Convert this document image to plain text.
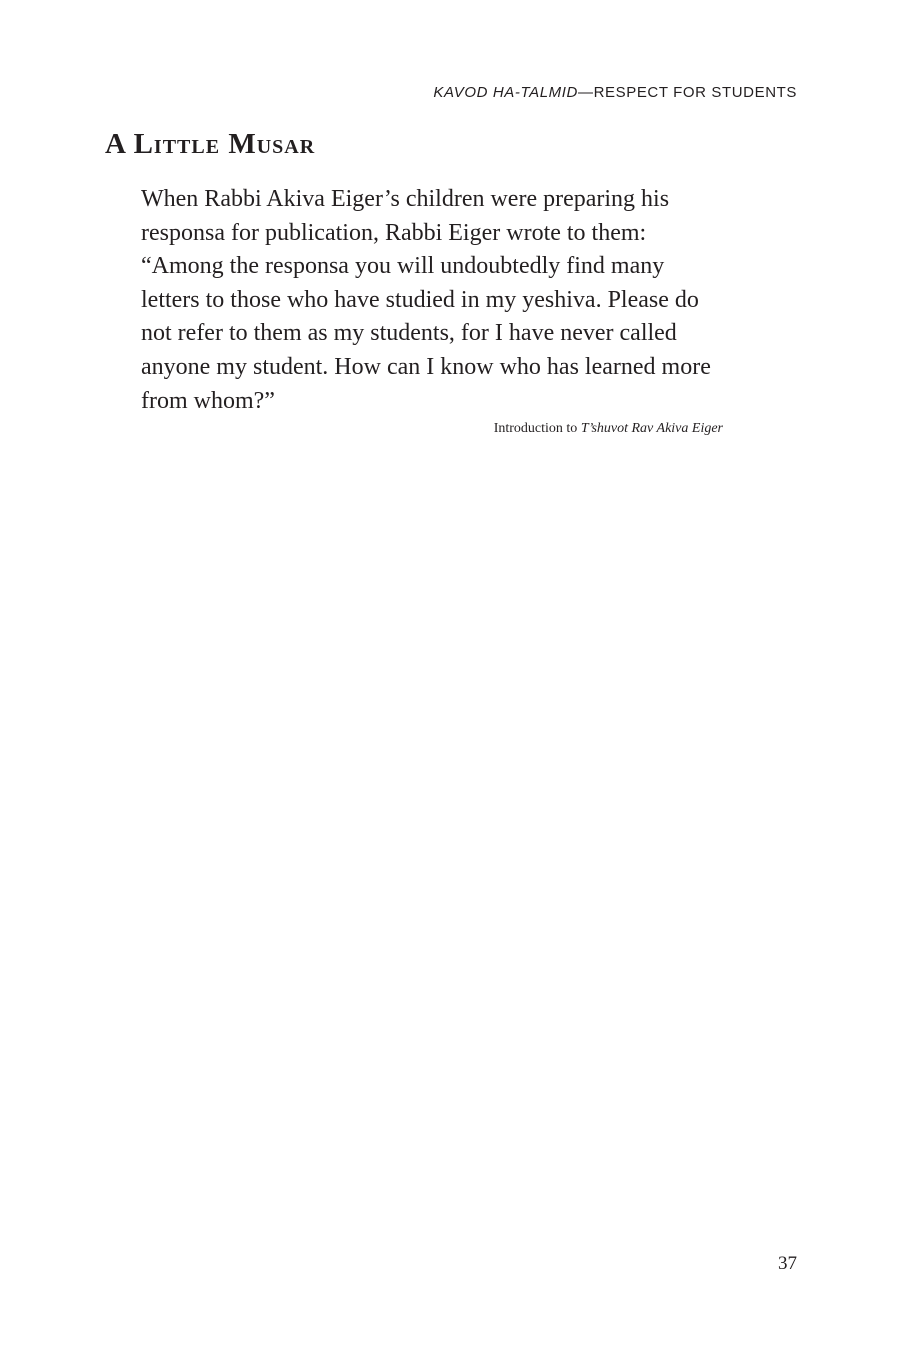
KAVOD HA-TALMID—RESPECT FOR STUDENTS
A Little Musar
When Rabbi Akiva Eiger’s children were preparing his
responsa for publication, Rabbi Eiger wrote to them:
“Among the responsa you will undoubtedly find many
letters to those who have studied in my yeshiva. Please do
not refer to them as my students, for I have never called
anyone my student. How can I know who has learned more
from whom?”
Introduction to T’shuvot Rav Akiva Eiger
37
